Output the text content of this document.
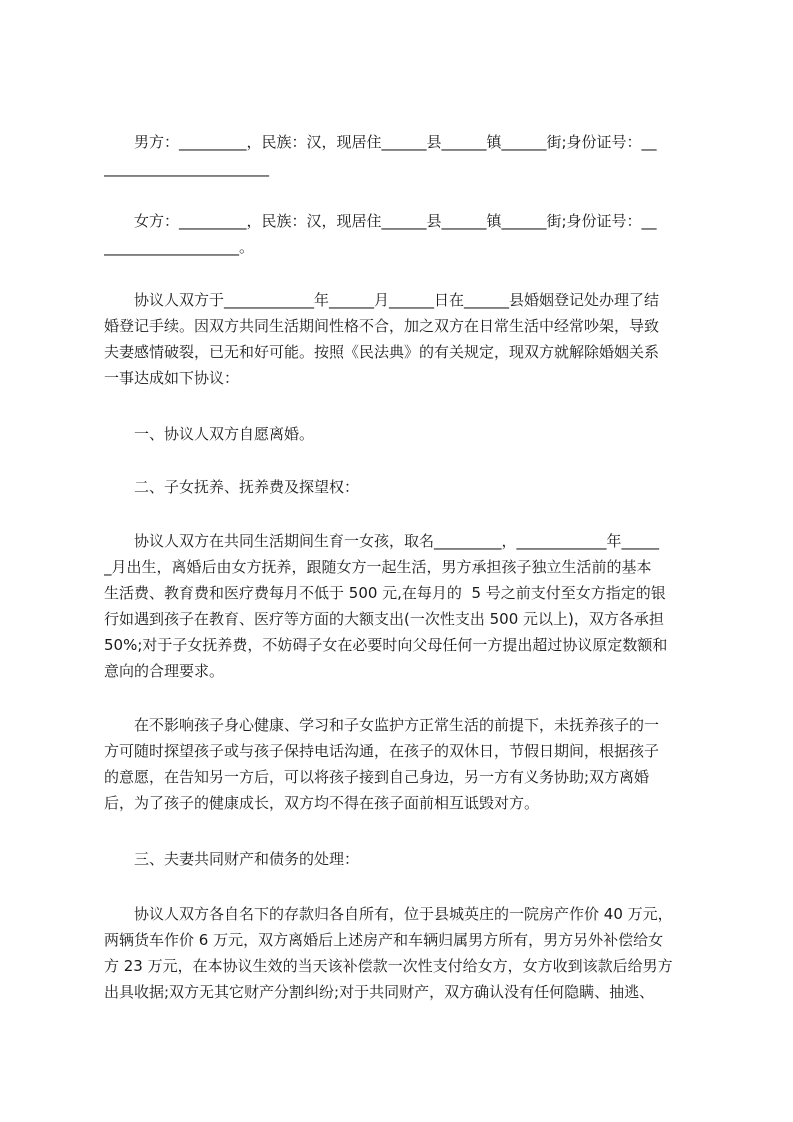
　　男方：_________，民族：汉，现居住______县______镇______街;身份证号：__
______________________
　　女方：_________，民族：汉，现居住______县______镇______街;身份证号：__
__________________。
　　协议人双方于____________年______月______日在______县婚姻登记处办理了结
婚登记手续。因双方共同生活期间性格不合，加之双方在日常生活中经常吵架，导致
夫妻感情破裂，已无和好可能。按照《民法典》的有关规定，现双方就解除婚姻关系
一事达成如下协议：
　　一、协议人双方自愿离婚。
　　二、子女抚养、抚养费及探望权：
　　协议人双方在共同生活期间生育一女孩，取名_________，____________年_____
_月出生，离婚后由女方抚养，跟随女方一起生活，男方承担孩子独立生活前的基本
生活费、教育费和医疗费每月不低于 500 元,在每月的  5 号之前支付至女方指定的银
行如遇到孩子在教育、医疗等方面的大额支出(一次性支出 500 元以上)，双方各承担
50%;对于子女抚养费，不妨碍子女在必要时向父母任何一方提出超过协议原定数额和
意向的合理要求。
　　在不影响孩子身心健康、学习和子女监护方正常生活的前提下，未抚养孩子的一
方可随时探望孩子或与孩子保持电话沟通，在孩子的双休日，节假日期间，根据孩子
的意愿，在告知另一方后，可以将孩子接到自己身边，另一方有义务协助;双方离婚
后，为了孩子的健康成长，双方均不得在孩子面前相互诋毁对方。
　　三、夫妻共同财产和债务的处理：
　　协议人双方各自名下的存款归各自所有，位于县城英庄的一院房产作价 40 万元，
两辆货车作价 6 万元，双方离婚后上述房产和车辆归属男方所有，男方另外补偿给女
方 23 万元，在本协议生效的当天该补偿款一次性支付给女方，女方收到该款后给男方
出具收据;双方无其它财产分割纠纷;对于共同财产，双方确认没有任何隐瞒、抽逃、
